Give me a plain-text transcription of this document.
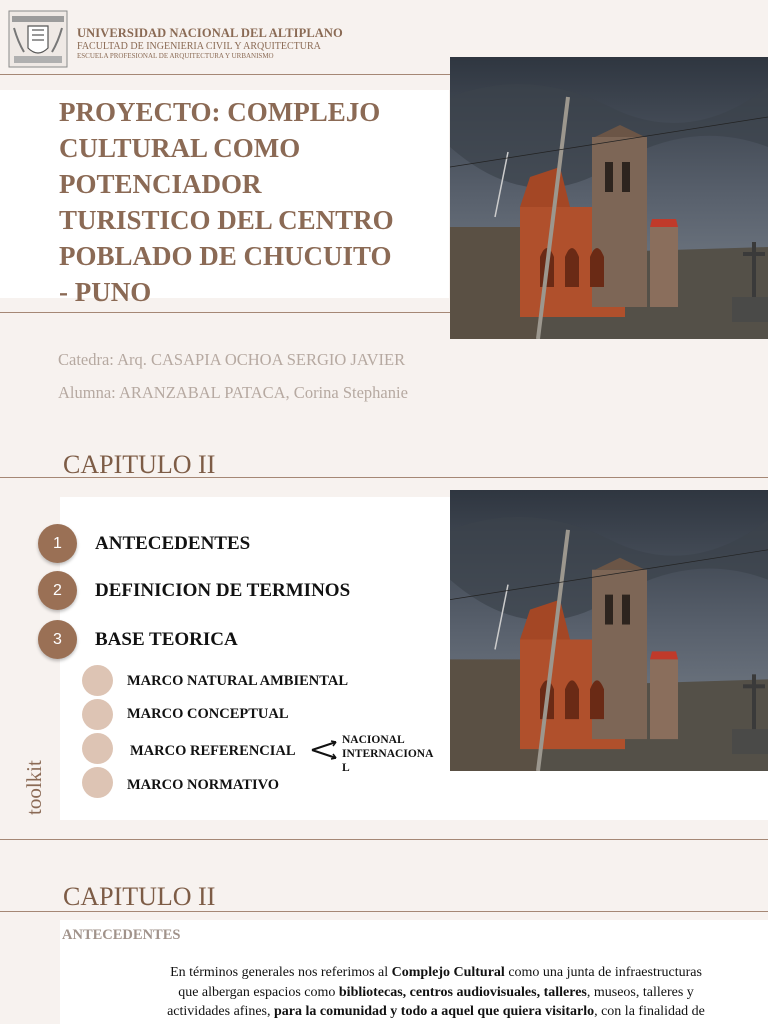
UNIVERSIDAD NACIONAL DEL ALTIPLANO
FACULTAD DE INGENIERIA CIVIL Y ARQUITECTURA
ESCUELA PROFESIONAL DE ARQUITECTURA Y URBANISMO
PROYECTO: COMPLEJO
CULTURAL COMO
POTENCIADOR
TURISTICO DEL CENTRO
POBLADO DE CHUCUITO
- PUNO
Catedra: Arq. CASAPIA OCHOA SERGIO JAVIER
Alumna: ARANZABAL PATACA, Corina Stephanie
CAPITULO II
1	ANTECEDENTES
2	DEFINICION DE TERMINOS
3	BASE TEORICA
MARCO NATURAL AMBIENTAL
MARCO CONCEPTUAL
MARCO REFERENCIAL
NACIONAL
INTERNACIONA
L
MARCO NORMATIVO
toolkit
CAPITULO II
ANTECEDENTES
En términos generales nos referimos al Complejo Cultural como una junta de infraestructuras
que albergan espacios como bibliotecas, centros audiovisuales, talleres, museos, talleres y
actividades afines, para la comunidad y todo a aquel que quiera visitarlo, con la finalidad de
